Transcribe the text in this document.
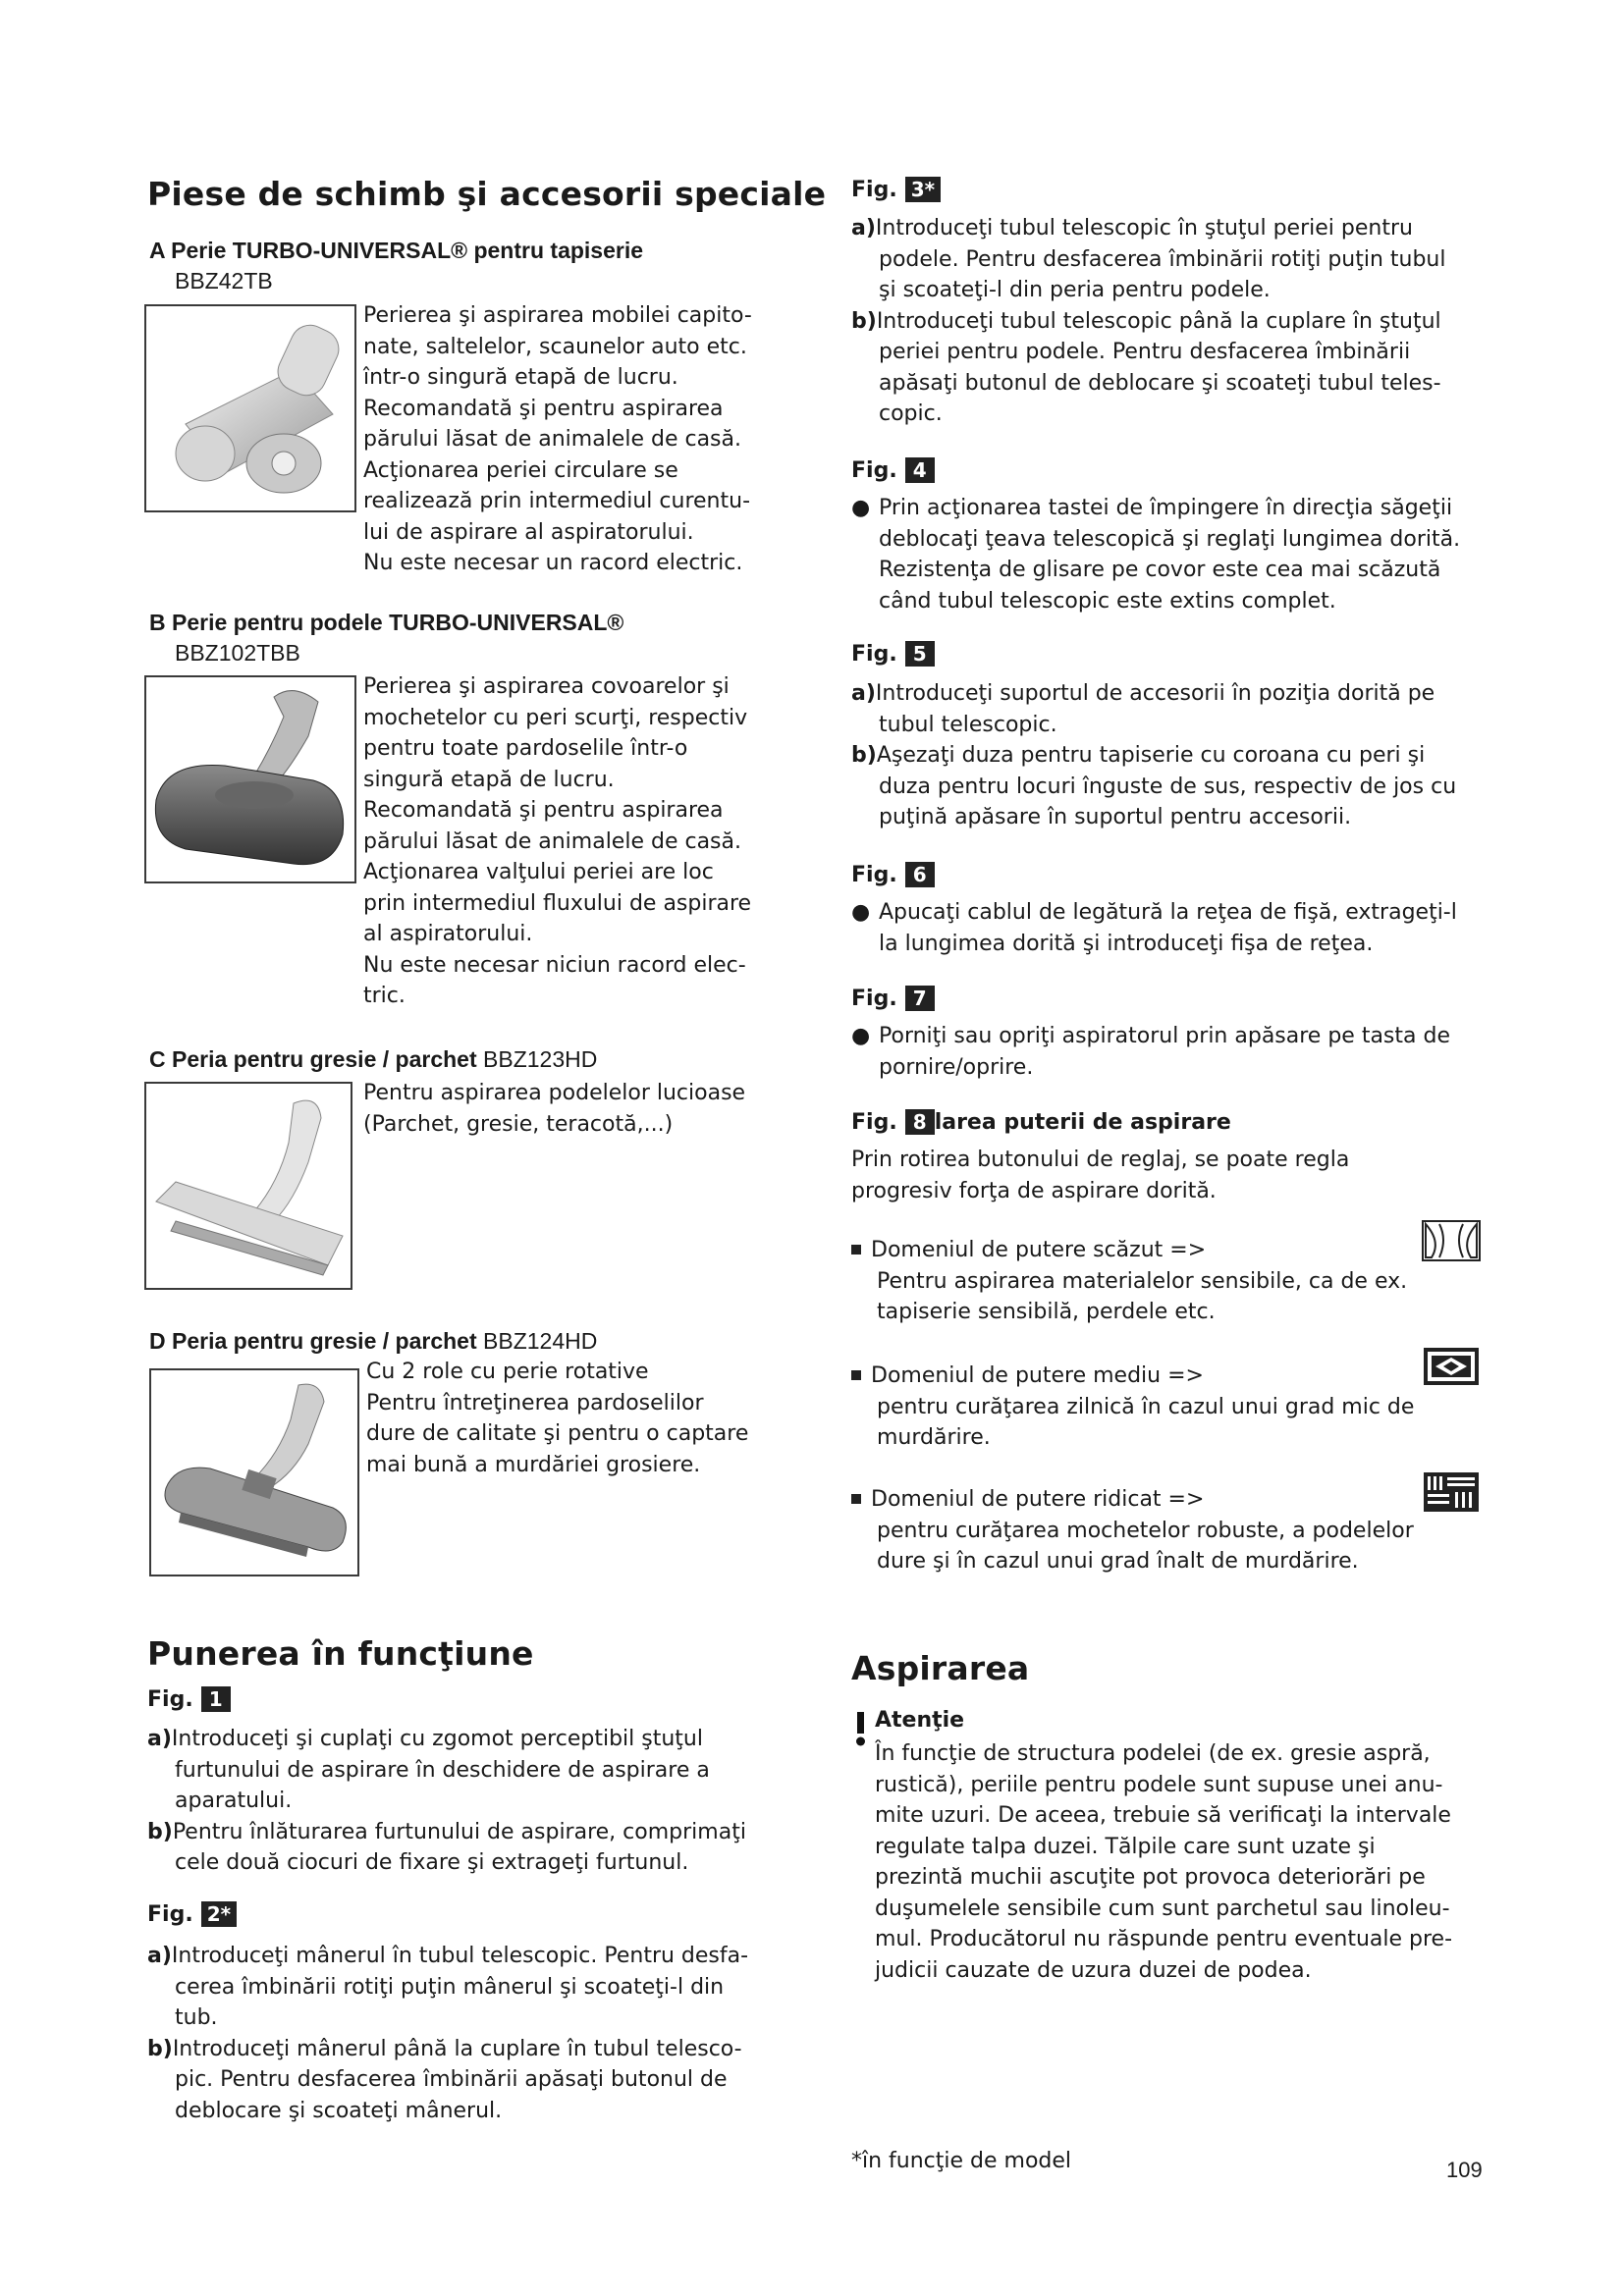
Piese de schimb şi accesorii speciale
A Perie TURBO-UNIVERSAL® pentru tapiserie
BBZ42TB

Perierea şi aspirarea mobilei capito-

nate, saltelelor, scaunelor auto etc.

într-o singură etapă de lucru.

Recomandată şi pentru aspirarea

părului lăsat de animalele de casă.

Acţionarea periei circulare se

realizează prin intermediul curentu-

lui de aspirare al aspiratorului.

Nu este necesar un racord electric.

B Perie pentru podele TURBO-UNIVERSAL®
BBZ102TBB

Perierea şi aspirarea covoarelor şi

mochetelor cu peri scurţi, respectiv

pentru toate pardoselile într-o

singură etapă de lucru.

Recomandată şi pentru aspirarea

părului lăsat de animalele de casă.

Acţionarea valţului periei are loc

prin intermediul fluxului de aspirare

al aspiratorului.

Nu este necesar niciun racord elec-

tric.

C Peria pentru gresie / parchet BBZ123HD

Pentru aspirarea podelelor lucioase

(Parchet, gresie, teracotă,...)

D Peria pentru gresie / parchet BBZ124HD

Cu 2 role cu perie rotative

Pentru întreţinerea pardoselilor

dure de calitate şi pentru o captare

mai bună a murdăriei grosiere.

Punerea în funcţiune
Fig. 1
a) Introduceţi şi cuplaţi cu zgomot perceptibil ştuţul
furtunului de aspirare în deschidere de aspirare a
aparatului.
b) Pentru înlăturarea furtunului de aspirare, comprimaţi
cele două ciocuri de fixare şi extrageţi furtunul.
Fig. 2*
a) Introduceţi mânerul în tubul telescopic. Pentru desfa-
cerea îmbinării rotiţi puţin mânerul şi scoateţi-l din
tub.
b) Introduceţi mânerul până la cuplare în tubul telesco-
pic. Pentru desfacerea îmbinării apăsaţi butonul de
deblocare şi scoateţi mânerul.
Fig. 3*
a) Introduceţi tubul telescopic în ştuţul periei pentru
podele. Pentru desfacerea îmbinării rotiţi puţin tubul
şi scoateţi-l din peria pentru podele.
b) Introduceţi tubul telescopic până la cuplare în ştuţul
periei pentru podele. Pentru desfacerea îmbinării
apăsaţi butonul de deblocare şi scoateţi tubul teles-
copic.
Fig. 4
● Prin acţionarea tastei de împingere în direcţia săgeţii
deblocaţi ţeava telescopică şi reglaţi lungimea dorită.
Rezistenţa de glisare pe covor este cea mai scăzută
când tubul telescopic este extins complet.
Fig. 5
a) Introduceţi suportul de accesorii în poziţia dorită pe
tubul telescopic.
b) Aşezaţi duza pentru tapiserie cu coroana cu peri şi
duza pentru locuri înguste de sus, respectiv de jos cu
puţină apăsare în suportul pentru accesorii.
Fig. 6
● Apucaţi cablul de legătură la reţea de fişă, extrageţi-l
la lungimea dorită şi introduceţi fişa de reţea.
Fig. 7
● Porniţi sau opriţi aspiratorul prin apăsare pe tasta de
pornire/oprire.
Fig. 8 larea puterii de aspirare
Prin rotirea butonului de reglaj, se poate regla
progresiv forţa de aspirare dorită.
Domeniul de putere scăzut =>
Pentru aspirarea materialelor sensibile, ca de ex.
tapiserie sensibilă, perdele etc.
Domeniul de putere mediu =>
pentru curăţarea zilnică în cazul unui grad mic de
murdărire.
Domeniul de putere ridicat =>
pentru curăţarea mochetelor robuste, a podelelor
dure şi în cazul unui grad înalt de murdărire.
Aspirarea
Atenţie
În funcţie de structura podelei (de ex. gresie aspră,
rustică), periile pentru podele sunt supuse unei anu-
mite uzuri. De aceea, trebuie să verificaţi la intervale
regulate talpa duzei. Tălpile care sunt uzate şi
prezintă muchii ascuţite pot provoca deteriorări pe
duşumelele sensibile cum sunt parchetul sau linoleu-
mul. Producătorul nu răspunde pentru eventuale pre-
judicii cauzate de uzura duzei de podea.
*în funcţie de model	109
